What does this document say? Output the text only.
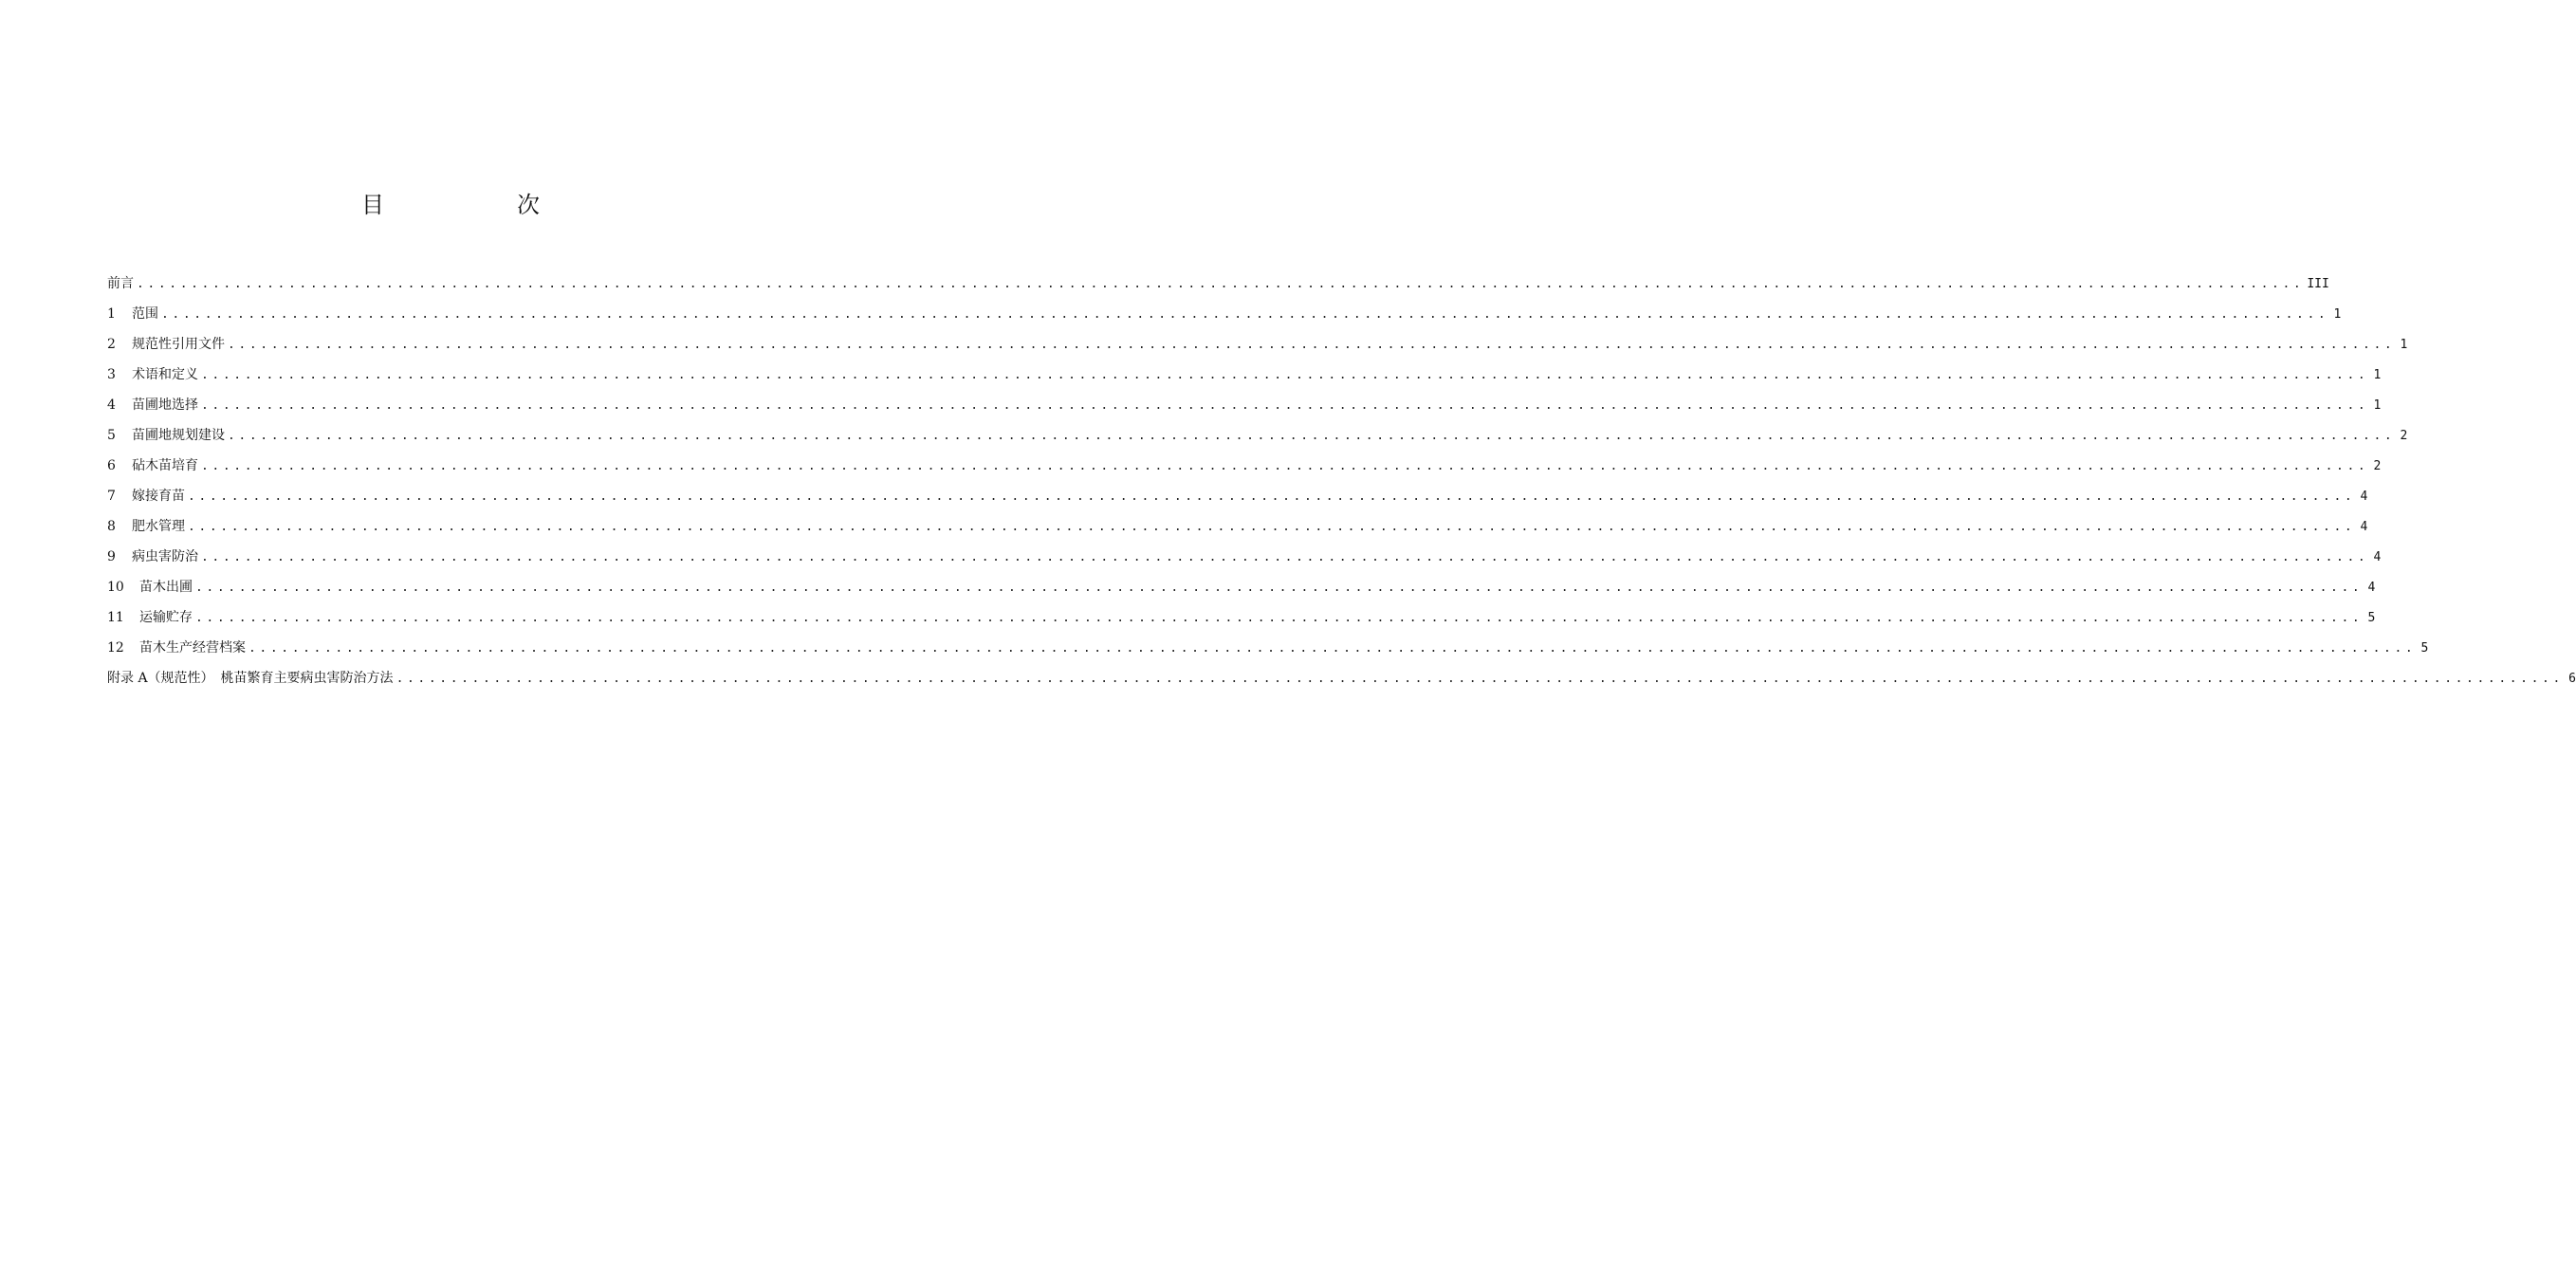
目　次
前言 ........................................................................................................................................................................................................ III
1	范围 ........................................................................................................................................................................................................ 1
2	规范性引用文件 ........................................................................................................................................................................................................ 1
3	术语和定义 ........................................................................................................................................................................................................ 1
4	苗圃地选择 ........................................................................................................................................................................................................ 1
5	苗圃地规划建设 ........................................................................................................................................................................................................ 2
6	砧木苗培育 ........................................................................................................................................................................................................ 2
7	嫁接育苗 ........................................................................................................................................................................................................ 4
8	肥水管理 ........................................................................................................................................................................................................ 4
9	病虫害防治 ........................................................................................................................................................................................................ 4
10	苗木出圃 ........................................................................................................................................................................................................ 4
11	运输贮存 ........................................................................................................................................................................................................ 5
12	苗木生产经营档案 ........................................................................................................................................................................................................ 5
附录 A（规范性）　桃苗繁育主要病虫害防治方法 ........................................................................................................................................................................................................ 6
